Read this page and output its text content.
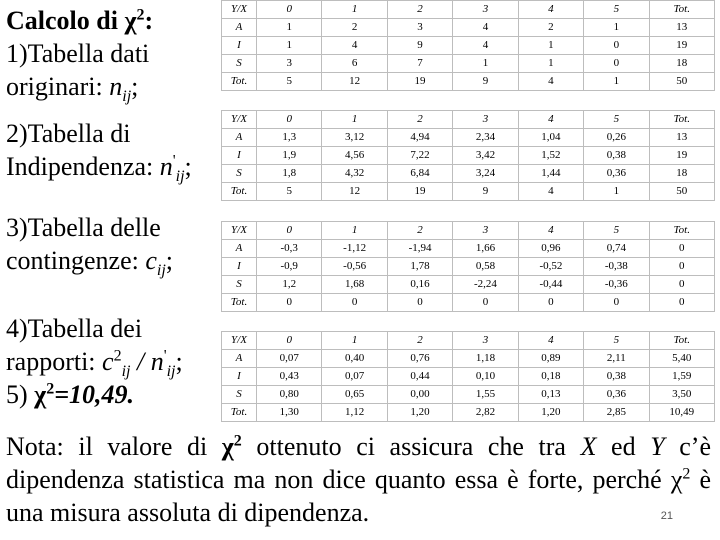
Calcolo di $\chi^2$:
1)Tabella dati
originari: $n_{ij}$;
2)Tabella di
Indipendenza: $n'_{ij}$;
3)Tabella delle
contingenze: $c_{ij}$;
4)Tabella dei
rapporti: $c^2_{ij} / n'_{ij}$;
5) $\chi^2=10,49$.
Y/X	0	1	2	3	4	5	Tot.
A	1	2	3	4	2	1	13
I	1	4	9	4	1	0	19
S	3	6	7	1	1	0	18
Tot.	5	12	19	9	4	1	50
Y/X	0	1	2	3	4	5	Tot.
A	1,3	3,12	4,94	2,34	1,04	0,26	13
I	1,9	4,56	7,22	3,42	1,52	0,38	19
S	1,8	4,32	6,84	3,24	1,44	0,36	18
Tot.	5	12	19	9	4	1	50
Y/X	0	1	2	3	4	5	Tot.
A	-0,3	-1,12	-1,94	1,66	0,96	0,74	0
I	-0,9	-0,56	1,78	0,58	-0,52	-0,38	0
S	1,2	1,68	0,16	-2,24	-0,44	-0,36	0
Tot.	0	0	0	0	0	0	0
Y/X	0	1	2	3	4	5	Tot.
A	0,07	0,40	0,76	1,18	0,89	2,11	5,40
I	0,43	0,07	0,44	0,10	0,18	0,38	1,59
S	0,80	0,65	0,00	1,55	0,13	0,36	3,50
Tot.	1,30	1,12	1,20	2,82	1,20	2,85	10,49
Nota: il valore di $\chi^2$ ottenuto ci assicura che tra X ed Y c’è dipendenza statistica ma non dice quanto essa è forte, perché $\chi^2$ è una misura assoluta di dipendenza.	21
